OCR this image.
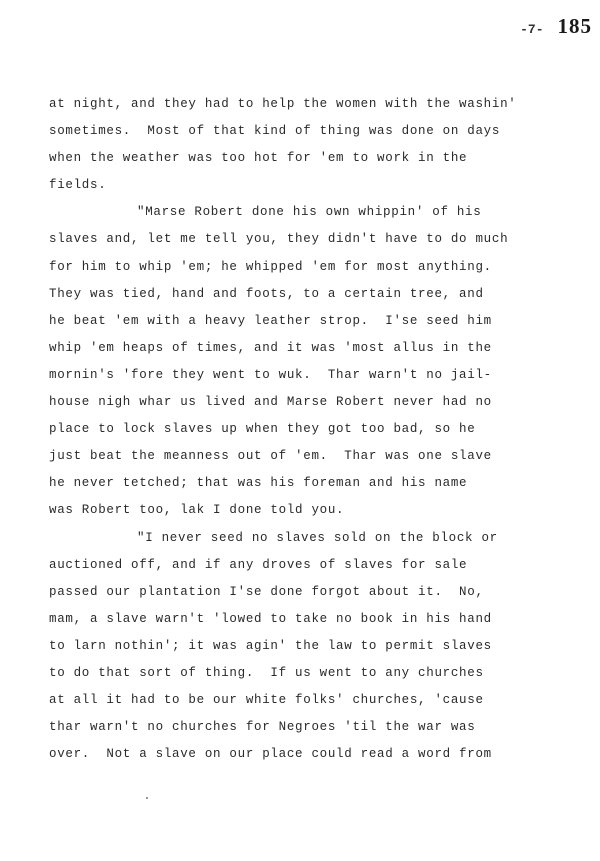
-7- 185
at night, and they had to help the women with the washin'
sometimes.  Most of that kind of thing was done on days
when the weather was too hot for 'em to work in the
fields.
"Marse Robert done his own whippin' of his
slaves and, let me tell you, they didn't have to do much
for him to whip 'em; he whipped 'em for most anything.
They was tied, hand and foots, to a certain tree, and
he beat 'em with a heavy leather strop.  I'se seed him
whip 'em heaps of times, and it was 'most allus in the
mornin's 'fore they went to wuk.  Thar warn't no jail-
house nigh whar us lived and Marse Robert never had no
place to lock slaves up when they got too bad, so he
just beat the meanness out of 'em.  Thar was one slave
he never tetched; that was his foreman and his name
was Robert too, lak I done told you.
"I never seed no slaves sold on the block or
auctioned off, and if any droves of slaves for sale
passed our plantation I'se done forgot about it.  No,
mam, a slave warn't 'lowed to take no book in his hand
to larn nothin'; it was agin' the law to permit slaves
to do that sort of thing.  If us went to any churches
at all it had to be our white folks' churches, 'cause
thar warn't no churches for Negroes 'til the war was
over.  Not a slave on our place could read a word from
